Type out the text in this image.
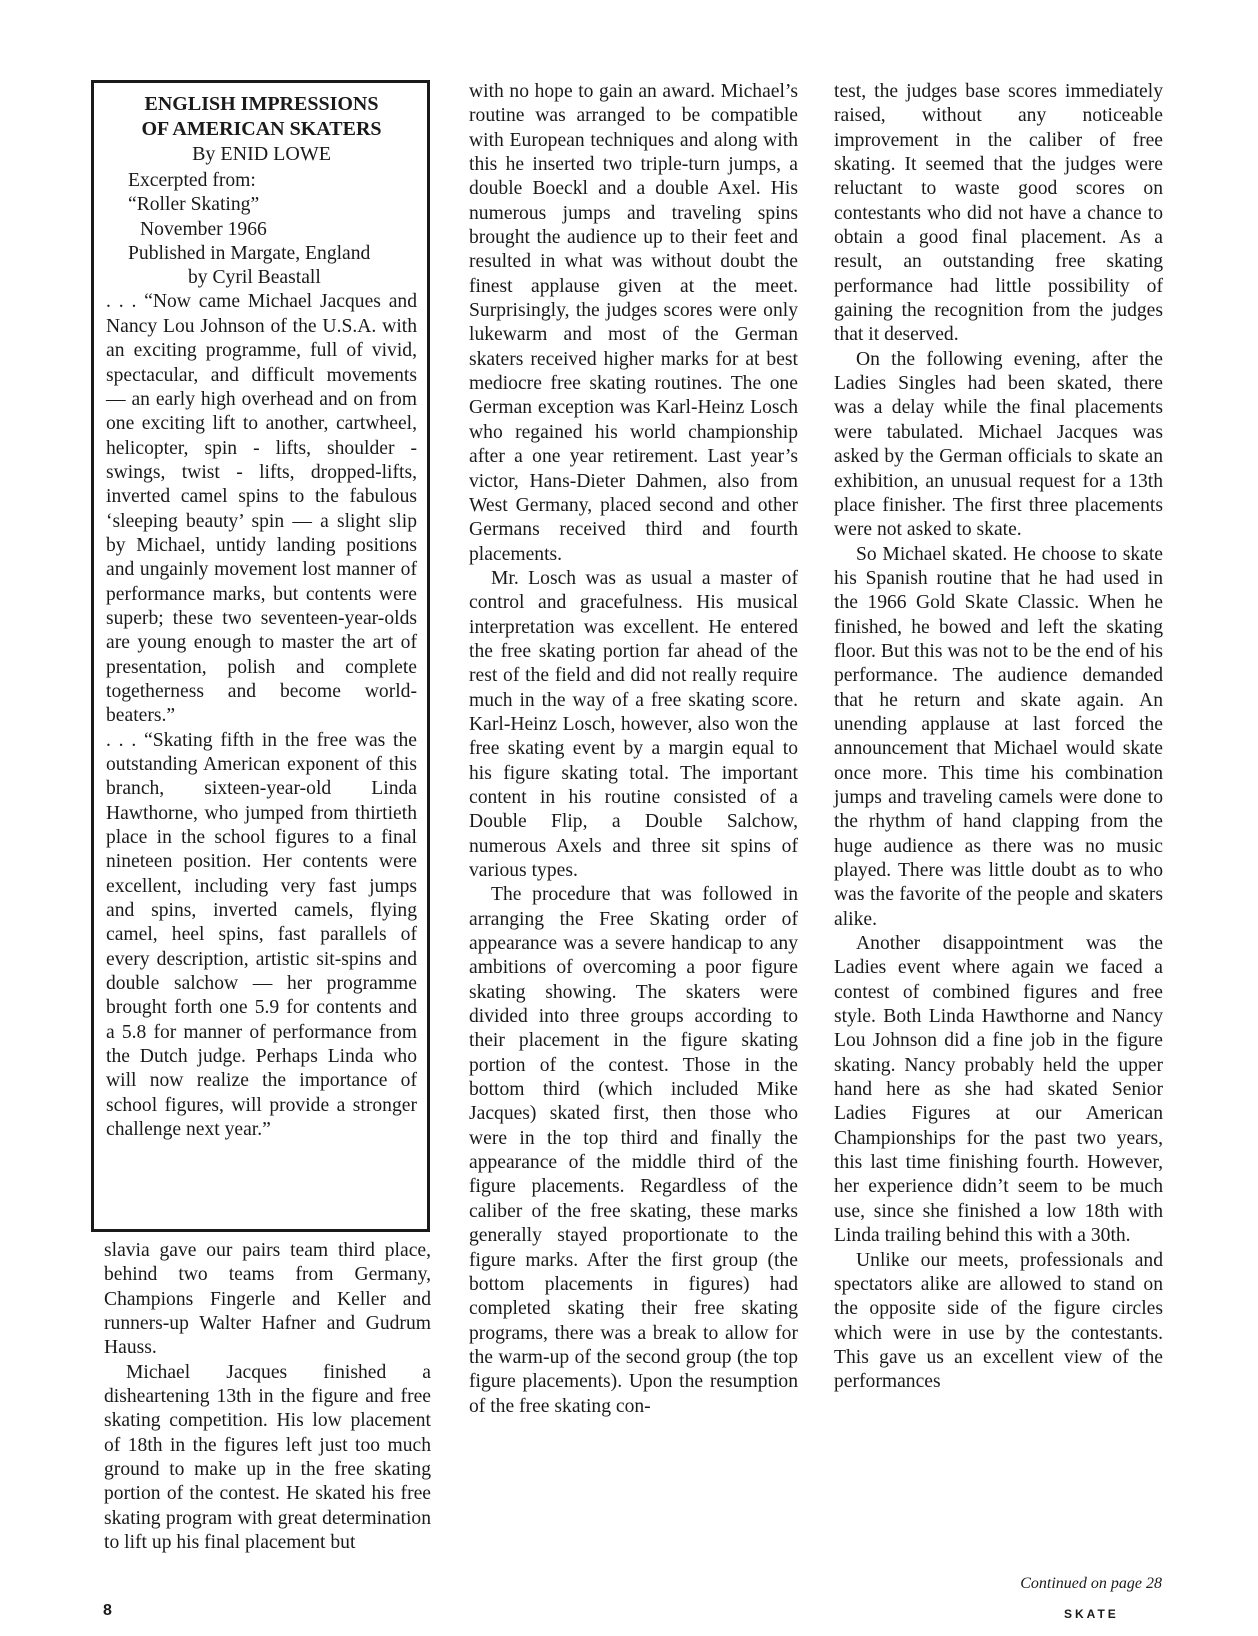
ENGLISH IMPRESSIONS

OF AMERICAN SKATERS

By ENID LOWE

Excerpted from:

“Roller Skating”

November 1966

Published in Margate, England

by Cyril Beastall

. . . “Now came Michael Jacques and Nancy Lou Johnson of the U.S.A. with an exciting programme, full of vivid, spectacular, and difficult movements — an early high overhead and on from one exciting lift to another, cartwheel, helicopter, spin - lifts, shoulder - swings, twist - lifts, dropped-lifts, inverted camel spins to the fabulous ‘sleeping beauty’ spin — a slight slip by Michael, untidy landing positions and ungainly movement lost manner of performance marks, but contents were superb; these two seventeen-year-olds are young enough to master the art of presentation, polish and complete togetherness and become world-beaters.”

. . . “Skating fifth in the free was the outstanding American exponent of this branch, sixteen-year-old Linda Hawthorne, who jumped from thirtieth place in the school figures to a final nineteen position. Her contents were excellent, including very fast jumps and spins, inverted camels, flying camel, heel spins, fast parallels of every description, artistic sit-spins and double salchow — her programme brought forth one 5.9 for contents and a 5.8 for manner of performance from the Dutch judge. Perhaps Linda who will now realize the importance of school figures, will provide a stronger challenge next year.”

slavia gave our pairs team third place, behind two teams from Germany, Champions Fingerle and Keller and runners-up Walter Hafner and Gudrum Hauss.

Michael Jacques finished a disheartening 13th in the figure and free skating competition. His low placement of 18th in the figures left just too much ground to make up in the free skating portion of the contest. He skated his free skating program with great determination to lift up his final placement but

with no hope to gain an award. Michael’s routine was arranged to be compatible with European techniques and along with this he inserted two triple-turn jumps, a double Boeckl and a double Axel. His numerous jumps and traveling spins brought the audience up to their feet and resulted in what was without doubt the finest applause given at the meet. Surprisingly, the judges scores were only lukewarm and most of the German skaters received higher marks for at best mediocre free skating routines. The one German exception was Karl-Heinz Losch who regained his world championship after a one year retirement. Last year’s victor, Hans-Dieter Dahmen, also from West Germany, placed second and other Germans received third and fourth placements.

Mr. Losch was as usual a master of control and gracefulness. His musical interpretation was excellent. He entered the free skating portion far ahead of the rest of the field and did not really require much in the way of a free skating score. Karl-Heinz Losch, however, also won the free skating event by a margin equal to his figure skating total. The important content in his routine consisted of a Double Flip, a Double Salchow, numerous Axels and three sit spins of various types.

The procedure that was followed in arranging the Free Skating order of appearance was a severe handicap to any ambitions of overcoming a poor figure skating showing. The skaters were divided into three groups according to their placement in the figure skating portion of the contest. Those in the bottom third (which included Mike Jacques) skated first, then those who were in the top third and finally the appearance of the middle third of the figure placements. Regardless of the caliber of the free skating, these marks generally stayed proportionate to the figure marks. After the first group (the bottom placements in figures) had completed skating their free skating programs, there was a break to allow for the warm-up of the second group (the top figure placements). Upon the resumption of the free skating con-

test, the judges base scores immediately raised, without any noticeable improvement in the caliber of free skating. It seemed that the judges were reluctant to waste good scores on contestants who did not have a chance to obtain a good final placement. As a result, an outstanding free skating performance had little possibility of gaining the recognition from the judges that it deserved.

On the following evening, after the Ladies Singles had been skated, there was a delay while the final placements were tabulated. Michael Jacques was asked by the German officials to skate an exhibition, an unusual request for a 13th place finisher. The first three placements were not asked to skate.

So Michael skated. He choose to skate his Spanish routine that he had used in the 1966 Gold Skate Classic. When he finished, he bowed and left the skating floor. But this was not to be the end of his performance. The audience demanded that he return and skate again. An unending applause at last forced the announcement that Michael would skate once more. This time his combination jumps and traveling camels were done to the rhythm of hand clapping from the huge audience as there was no music played. There was little doubt as to who was the favorite of the people and skaters alike.

Another disappointment was the Ladies event where again we faced a contest of combined figures and free style. Both Linda Hawthorne and Nancy Lou Johnson did a fine job in the figure skating. Nancy probably held the upper hand here as she had skated Senior Ladies Figures at our American Championships for the past two years, this last time finishing fourth. However, her experience didn’t seem to be much use, since she finished a low 18th with Linda trailing behind this with a 30th.

Unlike our meets, professionals and spectators alike are allowed to stand on the opposite side of the figure circles which were in use by the contestants. This gave us an excellent view of the performances

Continued on page 28
8	SKATE
